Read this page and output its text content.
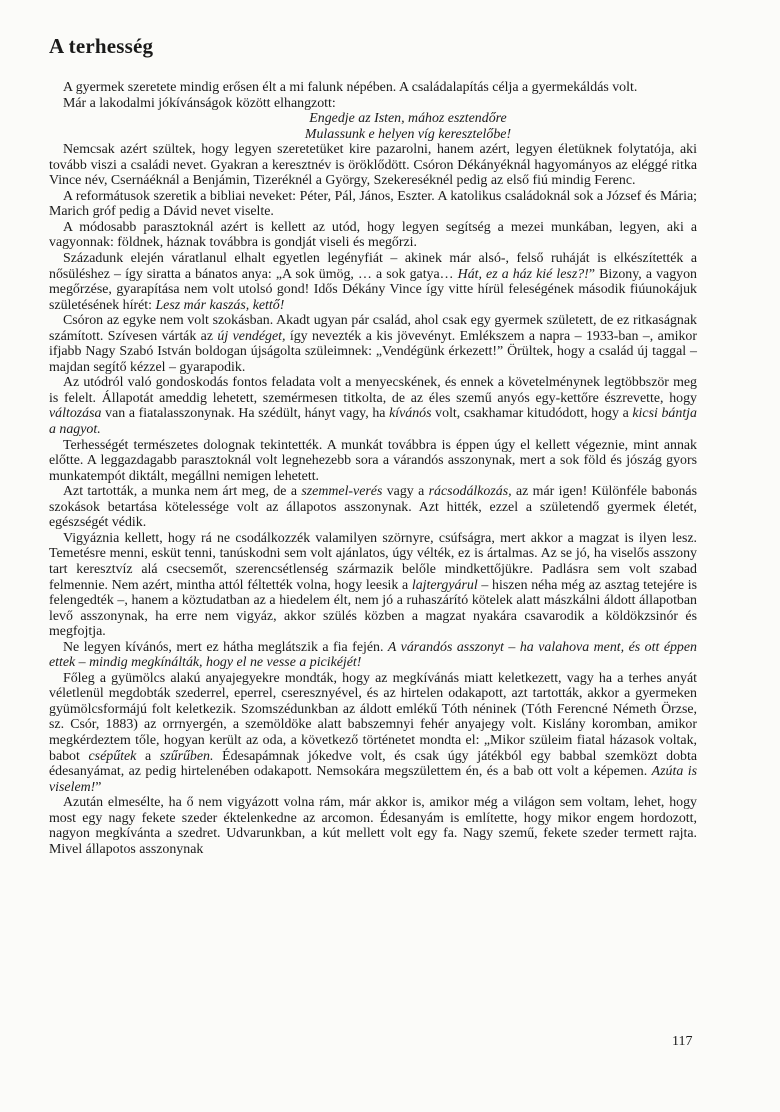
A terhesség

A gyermek szeretete mindig erősen élt a mi falunk népében. A családalapítás célja a gyermekáldás volt.

Már a lakodalmi jókívánságok között elhangzott:

Engedje az Isten, mához esztendőre

Mulassunk e helyen víg keresztelőbe!

Nemcsak azért szültek, hogy legyen szeretetüket kire pazarolni, hanem azért, legyen életüknek folytatója, aki tovább viszi a családi nevet. Gyakran a keresztnév is öröklődött. Csóron Dékányéknál hagyományos az eléggé ritka Vince név, Csernáéknál a Benjámin, Tizeréknél a György, Szekereséknél pedig az első fiú mindig Ferenc.

A reformátusok szeretik a bibliai neveket: Péter, Pál, János, Eszter. A katolikus családoknál sok a József és Mária; Marich gróf pedig a Dávid nevet viselte.

A módosabb parasztoknál azért is kellett az utód, hogy legyen segítség a mezei munkában, legyen, aki a vagyonnak: földnek, háznak továbbra is gondját viseli és megőrzi.

Századunk elején váratlanul elhalt egyetlen legényfiát – akinek már alsó-, felső ruháját is elkészítették a nősüléshez – így siratta a bánatos anya: „A sok ümög, … a sok gatya… Hát, ez a ház kié lesz?!” Bizony, a vagyon megőrzése, gyarapítása nem volt utolsó gond! Idős Dékány Vince így vitte hírül feleségének második fiúunokájuk születésének hírét: Lesz már kaszás, kettő!

Csóron az egyke nem volt szokásban. Akadt ugyan pár család, ahol csak egy gyermek született, de ez ritkaságnak számított. Szívesen várták az új vendéget, így nevezték a kis jövevényt. Emlékszem a napra – 1933-ban –, amikor ifjabb Nagy Szabó István boldogan újságolta szüleimnek: „Vendégünk érkezett!” Örültek, hogy a család új taggal – majdan segítő kézzel – gyarapodik.

Az utódról való gondoskodás fontos feladata volt a menyecskének, és ennek a követelménynek legtöbbször meg is felelt. Állapotát ameddig lehetett, szemérmesen titkolta, de az éles szemű anyós egy-kettőre észrevette, hogy változása van a fiatalasszonynak. Ha szédült, hányt vagy, ha kívánós volt, csakhamar kitudódott, hogy a kicsi bántja a nagyot.

Terhességét természetes dolognak tekintették. A munkát továbbra is éppen úgy el kellett végeznie, mint annak előtte. A leggazdagabb parasztoknál volt legnehezebb sora a várandós asszonynak, mert a sok föld és jószág gyors munkatempót diktált, megállni nemigen lehetett.

Azt tartották, a munka nem árt meg, de a szemmel-verés vagy a rácsodálkozás, az már igen! Különféle babonás szokások betartása kötelessége volt az állapotos asszonynak. Azt hitték, ezzel a születendő gyermek életét, egészségét védik.

Vigyáznia kellett, hogy rá ne csodálkozzék valamilyen szörnyre, csúfságra, mert akkor a magzat is ilyen lesz. Temetésre menni, esküt tenni, tanúskodni sem volt ajánlatos, úgy vélték, ez is ártalmas. Az se jó, ha viselős asszony tart keresztvíz alá csecsemőt, szerencsétlenség származik belőle mindkettőjükre. Padlásra sem volt szabad felmennie. Nem azért, mintha attól féltették volna, hogy leesik a lajtergyárul – hiszen néha még az asztag tetejére is felengedték –, hanem a köztudatban az a hiedelem élt, nem jó a ruhaszárító kötelek alatt mászkálni áldott állapotban levő asszonynak, ha erre nem vigyáz, akkor szülés közben a magzat nyakára csavarodik a köldökzsinór és megfojtja.

Ne legyen kívánós, mert ez hátha meglátszik a fia fején. A várandós asszonyt – ha valahova ment, és ott éppen ettek – mindig megkínálták, hogy el ne vesse a picikéjét!

Főleg a gyümölcs alakú anyajegyekre mondták, hogy az megkívánás miatt keletkezett, vagy ha a terhes anyát véletlenül megdobták szederrel, eperrel, cseresznyével, és az hirtelen odakapott, azt tartották, akkor a gyermeken gyümölcsformájú folt keletkezik. Szomszédunkban az áldott emlékű Tóth néninek (Tóth Ferencné Németh Örzse, sz. Csór, 1883) az orrnyergén, a szemöldöke alatt babszemnyi fehér anyajegy volt. Kislány koromban, amikor megkérdeztem tőle, hogyan került az oda, a következő történetet mondta el: „Mikor szüleim fiatal házasok voltak, babot csépűtek a szűrűben. Édesapámnak jókedve volt, és csak úgy játékból egy babbal szemközt dobta édesanyámat, az pedig hirtelenében odakapott. Nemsokára megszülettem én, és a bab ott volt a képemen. Azúta is viselem!”

Azután elmesélte, ha ő nem vigyázott volna rám, már akkor is, amikor még a világon sem voltam, lehet, hogy most egy nagy fekete szeder éktelenkedne az arcomon. Édesanyám is említette, hogy mikor engem hordozott, nagyon megkívánta a szedret. Udvarunkban, a kút mellett volt egy fa. Nagy szemű, fekete szeder termett rajta. Mivel állapotos asszonynak

117
